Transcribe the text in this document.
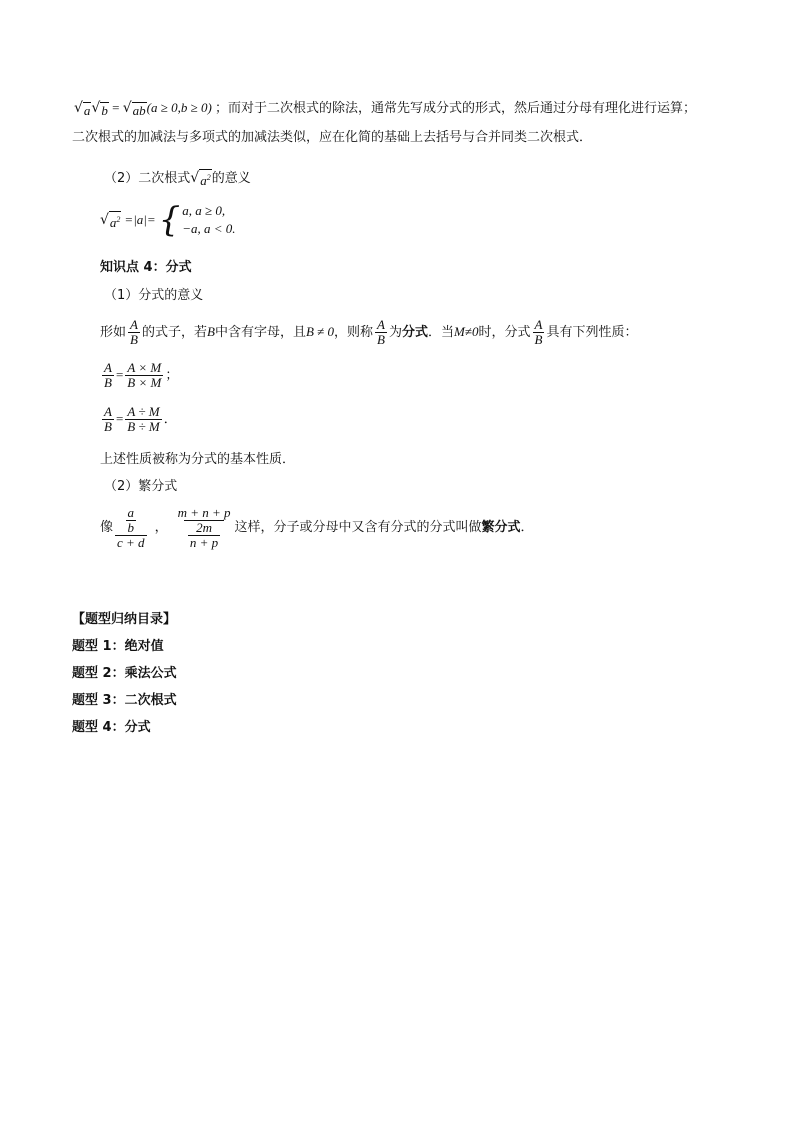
√ a √ b = √ ab (a ≥ 0,b ≥ 0) ；而对于二次根式的除法，通常先写成分式的形式，然后通过分母有理化进行运算；
二次根式的加减法与多项式的加减法类似，应在化简的基础上去括号与合并同类二次根式．
（2）二次根式 √ $a^2$ 的意义
√ $a^2 =|a|=$ { a, a ≥ 0,
−a, a < 0.
知识点 4：分式
（1）分式的意义
形如 $\frac{A}{B}$ 的式子，若B中含有字母，且B ≠ 0，则称 $\frac{A}{B}$ 为分式．当M≠0时，分式 $\frac{A}{B}$ 具有下列性质：
$\frac{A}{B} = \frac{A \times M}{B \times M}$ ；
$\frac{A}{B} = \frac{A \div M}{B \div M}$ ．
上述性质被称为分式的基本性质．
（2）繁分式
像 $\frac{\frac{a}{b}}{c + d}$ ， $\frac{m + n + p}{\frac{2m}{n + p}}$ 这样，分子或分母中又含有分式的分式叫做 繁分式 ．
【题型归纳目录】
题型 1：绝对值
题型 2：乘法公式
题型 3：二次根式
题型 4：分式
